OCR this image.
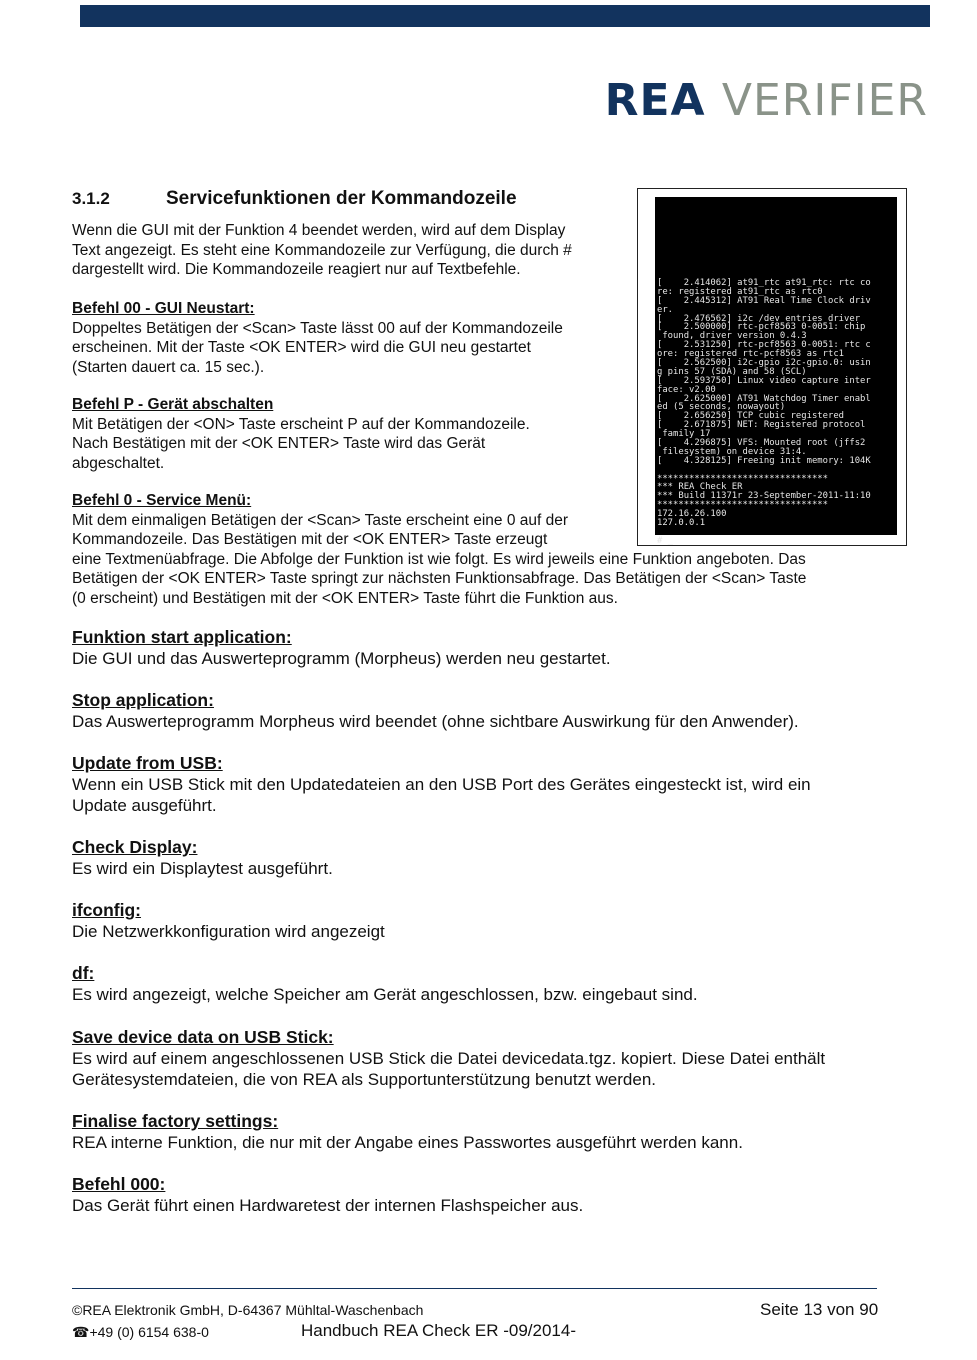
REA VERIFIER
3.1.2	Servicefunktionen der Kommandozeile

Wenn die GUI mit der Funktion 4 beendet werden, wird auf dem Display

Text angezeigt. Es steht eine Kommandozeile zur Verfügung, die durch #

dargestellt wird. Die Kommandozeile reagiert nur auf Textbefehle.

Befehl 00 - GUI Neustart:

Doppeltes Betätigen der <Scan> Taste lässt 00 auf der Kommandozeile

erscheinen. Mit der Taste <OK ENTER> wird die GUI neu gestartet

(Starten dauert ca. 15 sec.).

Befehl P - Gerät abschalten

Mit Betätigen der <ON> Taste erscheint P auf der Kommandozeile.

Nach Bestätigen mit der <OK ENTER> Taste wird das Gerät

abgeschaltet.

Befehl 0 - Service Menü:

Mit dem einmaligen Betätigen der <Scan> Taste erscheint eine 0 auf der

Kommandozeile. Das Bestätigen mit der <OK ENTER> Taste erzeugt

eine Textmenüabfrage. Die Abfolge der Funktion ist wie folgt. Es wird jeweils eine Funktion angeboten. Das

Betätigen der <OK ENTER> Taste springt zur nächsten Funktionsabfrage. Das Betätigen der <Scan> Taste

(0 erscheint) und Bestätigen mit der <OK ENTER> Taste führt die Funktion aus.

[    2.414062] at91_rtc at91_rtc: rtc co
re: registered at91_rtc as rtc0
[    2.445312] AT91 Real Time Clock driv
er.
[    2.476562] i2c /dev entries driver
[    2.500000] rtc-pcf8563 0-0051: chip
found, driver version 0.4.3
[    2.531250] rtc-pcf8563 0-0051: rtc c
ore: registered rtc-pcf8563 as rtc1
[    2.562500] i2c-gpio i2c-gpio.0: usin
g pins 57 (SDA) and 58 (SCL)
[    2.593750] Linux video capture inter
face: v2.00
[    2.625000] AT91 Watchdog Timer enabl
ed (5 seconds, nowayout)
[    2.656250] TCP cubic registered
[    2.671875] NET: Registered protocol
family 17
[    4.296875] VFS: Mounted root (jffs2
filesystem) on device 31:4.
[    4.328125] Freeing init memory: 104K
********************************
*** REA Check ER
*** Build 11371r 23-September-2011-11:10
********************************
172.16.26.100
127.0.0.1
# _
Funktion start application:
Die GUI und das Auswerteprogramm (Morpheus) werden neu gestartet.
Stop application:
Das Auswerteprogramm Morpheus wird beendet (ohne sichtbare Auswirkung für den Anwender).
Update from USB:
Wenn ein USB Stick mit den Updatedateien an den USB Port des Gerätes eingesteckt ist, wird ein
Update ausgeführt.
Check Display:
Es wird ein Displaytest ausgeführt.
ifconfig:
Die Netzwerkkonfiguration wird angezeigt
df:
Es wird angezeigt, welche Speicher am Gerät angeschlossen, bzw. eingebaut sind.
Save device data on USB Stick:
Es wird auf einem angeschlossenen USB Stick die Datei devicedata.tgz. kopiert. Diese Datei enthält
Gerätesystemdateien, die von REA als Supportunterstützung benutzt werden.
Finalise factory settings:
REA interne Funktion, die nur mit der Angabe eines Passwortes ausgeführt werden kann.
Befehl 000:
Das Gerät führt einen Hardwaretest der internen Flashspeicher aus.
©REA Elektronik GmbH, D-64367 Mühltal-Waschenbach	Seite 13 von 90
☎+49 (0) 6154 638-0	Handbuch REA Check ER -09/2014-
